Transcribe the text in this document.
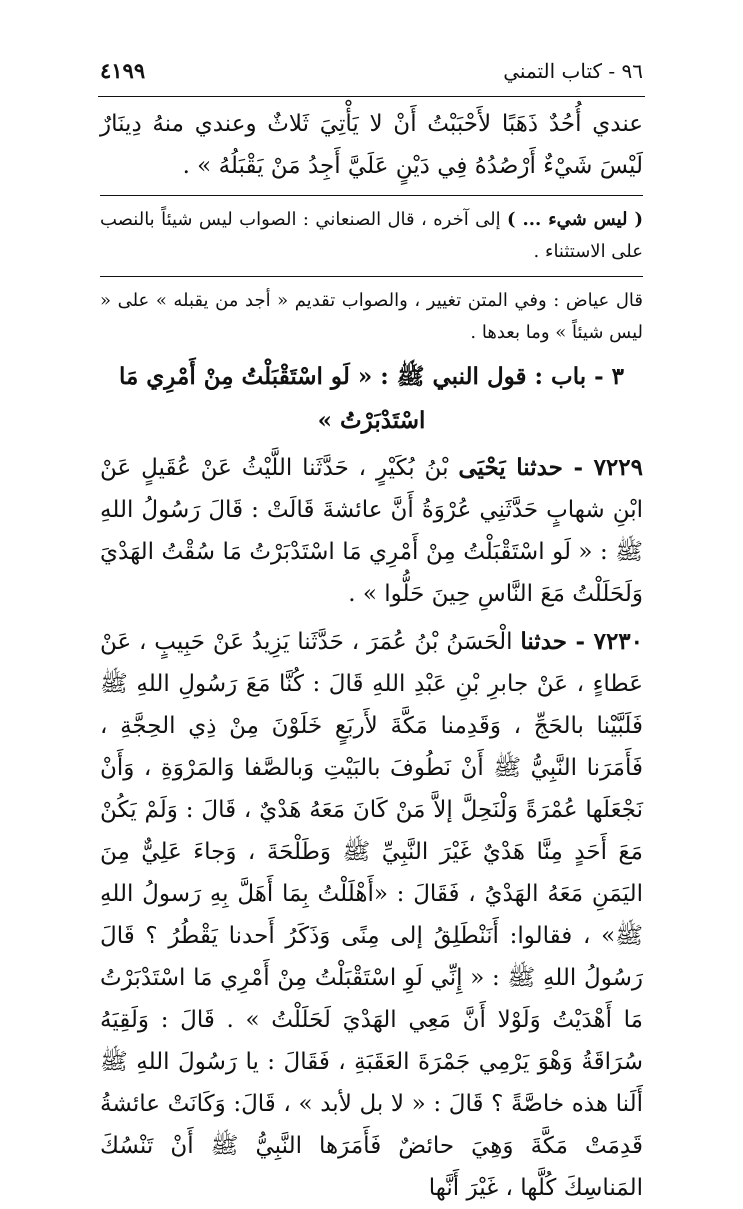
٩٦ - كتاب التمني
٤١٩٩

عندي أُحُدٌ ذَهَبًا لأَحْبَبْتُ أَنْ لا يَأْتِيَ ثَلاثٌ وعندي منهُ دِينَارٌ لَيْسَ شَيْءٌ أَرْصُدُهُ فِي دَيْنٍ عَلَيَّ أَجِدُ مَنْ يَقْبَلُهُ » .

( ليس شيء ... ) إلى آخره ، قال الصنعاني : الصواب ليس شيئاً بالنصب على الاستثناء .

قال عياض : وفي المتن تغيير ، والصواب تقديم « أجد من يقبله » على « ليس شيئاً » وما بعدها .

٣ - باب : قول النبي ﷺ : « لَو اسْتَقْبَلْتُ مِنْ أَمْرِي مَا اسْتَدْبَرْتُ »

٧٢٢٩ - حدثنا يَحْيَى بْنُ بُكَيْرٍ ، حَدَّثَنا اللَّيْثُ عَنْ عُقَيلٍ عَنْ ابْنِ شهابٍ حَدَّثَنِي عُرْوَةُ أَنَّ عائشةَ قَالَتْ : قَالَ رَسُولُ اللهِ ﷺ : « لَو اسْتَقْبَلْتُ مِنْ أَمْرِي مَا اسْتَدْبَرْتُ مَا سُقْتُ الهَدْيَ وَلَحَلَلْتُ مَعَ النَّاسِ حِينَ حَلُّوا » .

٧٢٣٠ - حدثنا الْحَسَنُ بْنُ عُمَرَ ، حَدَّثَنا يَزِيدُ عَنْ حَبِيبٍ ، عَنْ عَطاءٍ ، عَنْ جابرِ بْنِ عَبْدِ اللهِ قَالَ : كُنَّا مَعَ رَسُولِ اللهِ ﷺ فَلَبَّيْنا بالحَجِّ ، وَقَدِمنا مَكَّةَ لأَربَعٍ خَلَوْنَ مِنْ ذِي الحِجَّةِ ، فَأَمَرَنا النَّبِيُّ ﷺ أَنْ نَطُوفَ بالبَيْتِ وَبالصَّفا وَالمَرْوَةِ ، وَأَنْ نَجْعَلَها عُمْرَةً وَلْنَحِلَّ إلاَّ مَنْ كَانَ مَعَهُ هَدْيٌ ، قَالَ : وَلَمْ يَكُنْ مَعَ أَحَدٍ مِنَّا هَدْيٌ غَيْرَ النَّبِيِّ ﷺ وَطَلْحَةَ ، وَجاءَ عَلِيٌّ مِنَ اليَمَنِ مَعَهُ الهَدْيُ ، فَقَالَ : «أَهْلَلْتُ بِمَا أَهَلَّ بِهِ رَسولُ اللهِ ﷺ» ، فقالوا: أَنَنْطَلِقُ إلى مِنًى وَذَكَرُ أَحدنا يَقْطُرُ ؟ قَالَ رَسُولُ اللهِ ﷺ : « إِنِّي لَوِ اسْتَقْبَلْتُ مِنْ أَمْرِي مَا اسْتَدْبَرْتُ مَا أَهْدَيْتُ وَلَوْلا أَنَّ مَعِي الهَدْيَ لَحَلَلْتُ » . قَالَ : وَلَقِيَهُ سُرَاقَةُ وَهْوَ يَرْمِي جَمْرَةَ العَقَبَةِ ، فَقَالَ : يا رَسُولَ اللهِ ﷺ أَلَنا هذه خاصَّةً ؟ قَالَ : « لا بل لأبد » ، قَالَ: وَكَانَتْ عائشةُ قَدِمَتْ مَكَّةَ وَهِيَ حائضٌ فَأَمَرَها النَّبِيُّ ﷺ أَنْ تَنْسُكَ المَناسِكَ كُلَّها ، غَيْرَ أَنَّها
